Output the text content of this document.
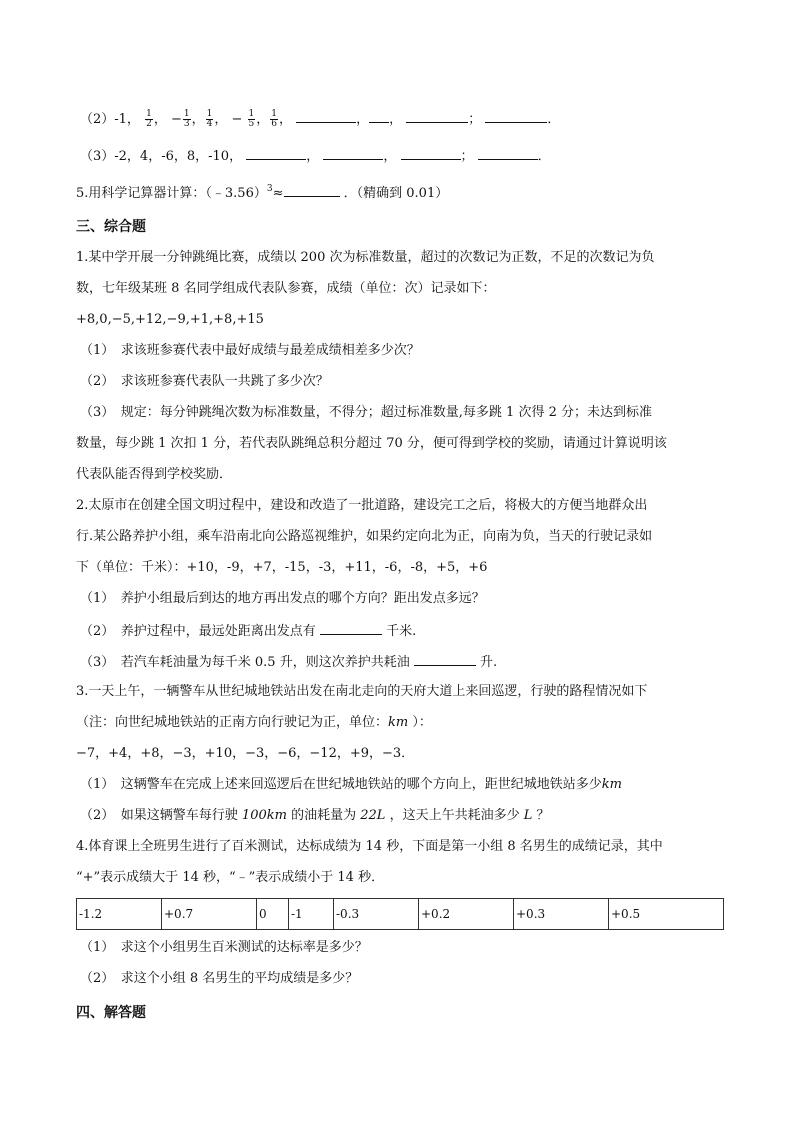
（2）-1， $\frac{1}{2}$ ， − $\frac{1}{3}$ ， $\frac{1}{4}$ ， − $\frac{1}{5}$ ， $\frac{1}{6}$ ，	， ，	；	．
（3）-2，4，-6，8，-10，	，	，	；	．
5.用科学记算器计算：（﹣3.56）$^3$≈	．（精确到 0.01）
三、综合题
1.某中学开展一分钟跳绳比赛，成绩以 200 次为标准数量，超过的次数记为正数，不足的次数记为负
数，七年级某班 8 名同学组成代表队参赛，成绩（单位：次）记录如下：
+8,0,−5,+12,−9,+1,+8,+15
（1）　求该班参赛代表中最好成绩与最差成绩相差多少次？
（2）　求该班参赛代表队一共跳了多少次？
（3）　规定：每分钟跳绳次数为标准数量，不得分；超过标准数量,每多跳 1 次得 2 分；未达到标准
数量，每少跳 1 次扣 1 分，若代表队跳绳总积分超过 70 分，便可得到学校的奖励，请通过计算说明该
代表队能否得到学校奖励．
2.太原市在创建全国文明过程中，建设和改造了一批道路，建设完工之后，将极大的方便当地群众出
行.某公路养护小组，乘车沿南北向公路巡视维护，如果约定向北为正，向南为负，当天的行驶记录如
下（单位：千米）：+10，-9，+7，-15，-3，+11，-6，-8，+5，+6
（1）　养护小组最后到达的地方再出发点的哪个方向？距出发点多远？
（2）　养护过程中，最远处距离出发点有	千米.
（3）　若汽车耗油量为每千米 0.5 升，则这次养护共耗油	升.
3.一天上午，一辆警车从世纪城地铁站出发在南北走向的天府大道上来回巡逻，行驶的路程情况如下
（注：向世纪城地铁站的正南方向行驶记为正，单位：km ）：
−7，+4，+8，−3，+10，−3，−6，−12，+9，−3．
（1）　这辆警车在完成上述来回巡逻后在世纪城地铁站的哪个方向上，距世纪城地铁站多少km
（2）　如果这辆警车每行驶 100km 的油耗量为 22L ，这天上午共耗油多少 L ？
4.体育课上全班男生进行了百米测试，达标成绩为 14 秒，下面是第一小组 8 名男生的成绩记录，其中
“+”表示成绩大于 14 秒，“﹣”表示成绩小于 14 秒．
-1.2	+0.7	0	-1	-0.3	+0.2	+0.3	+0.5
（1）　求这个小组男生百米测试的达标率是多少？
（2）　求这个小组 8 名男生的平均成绩是多少？
四、解答题
